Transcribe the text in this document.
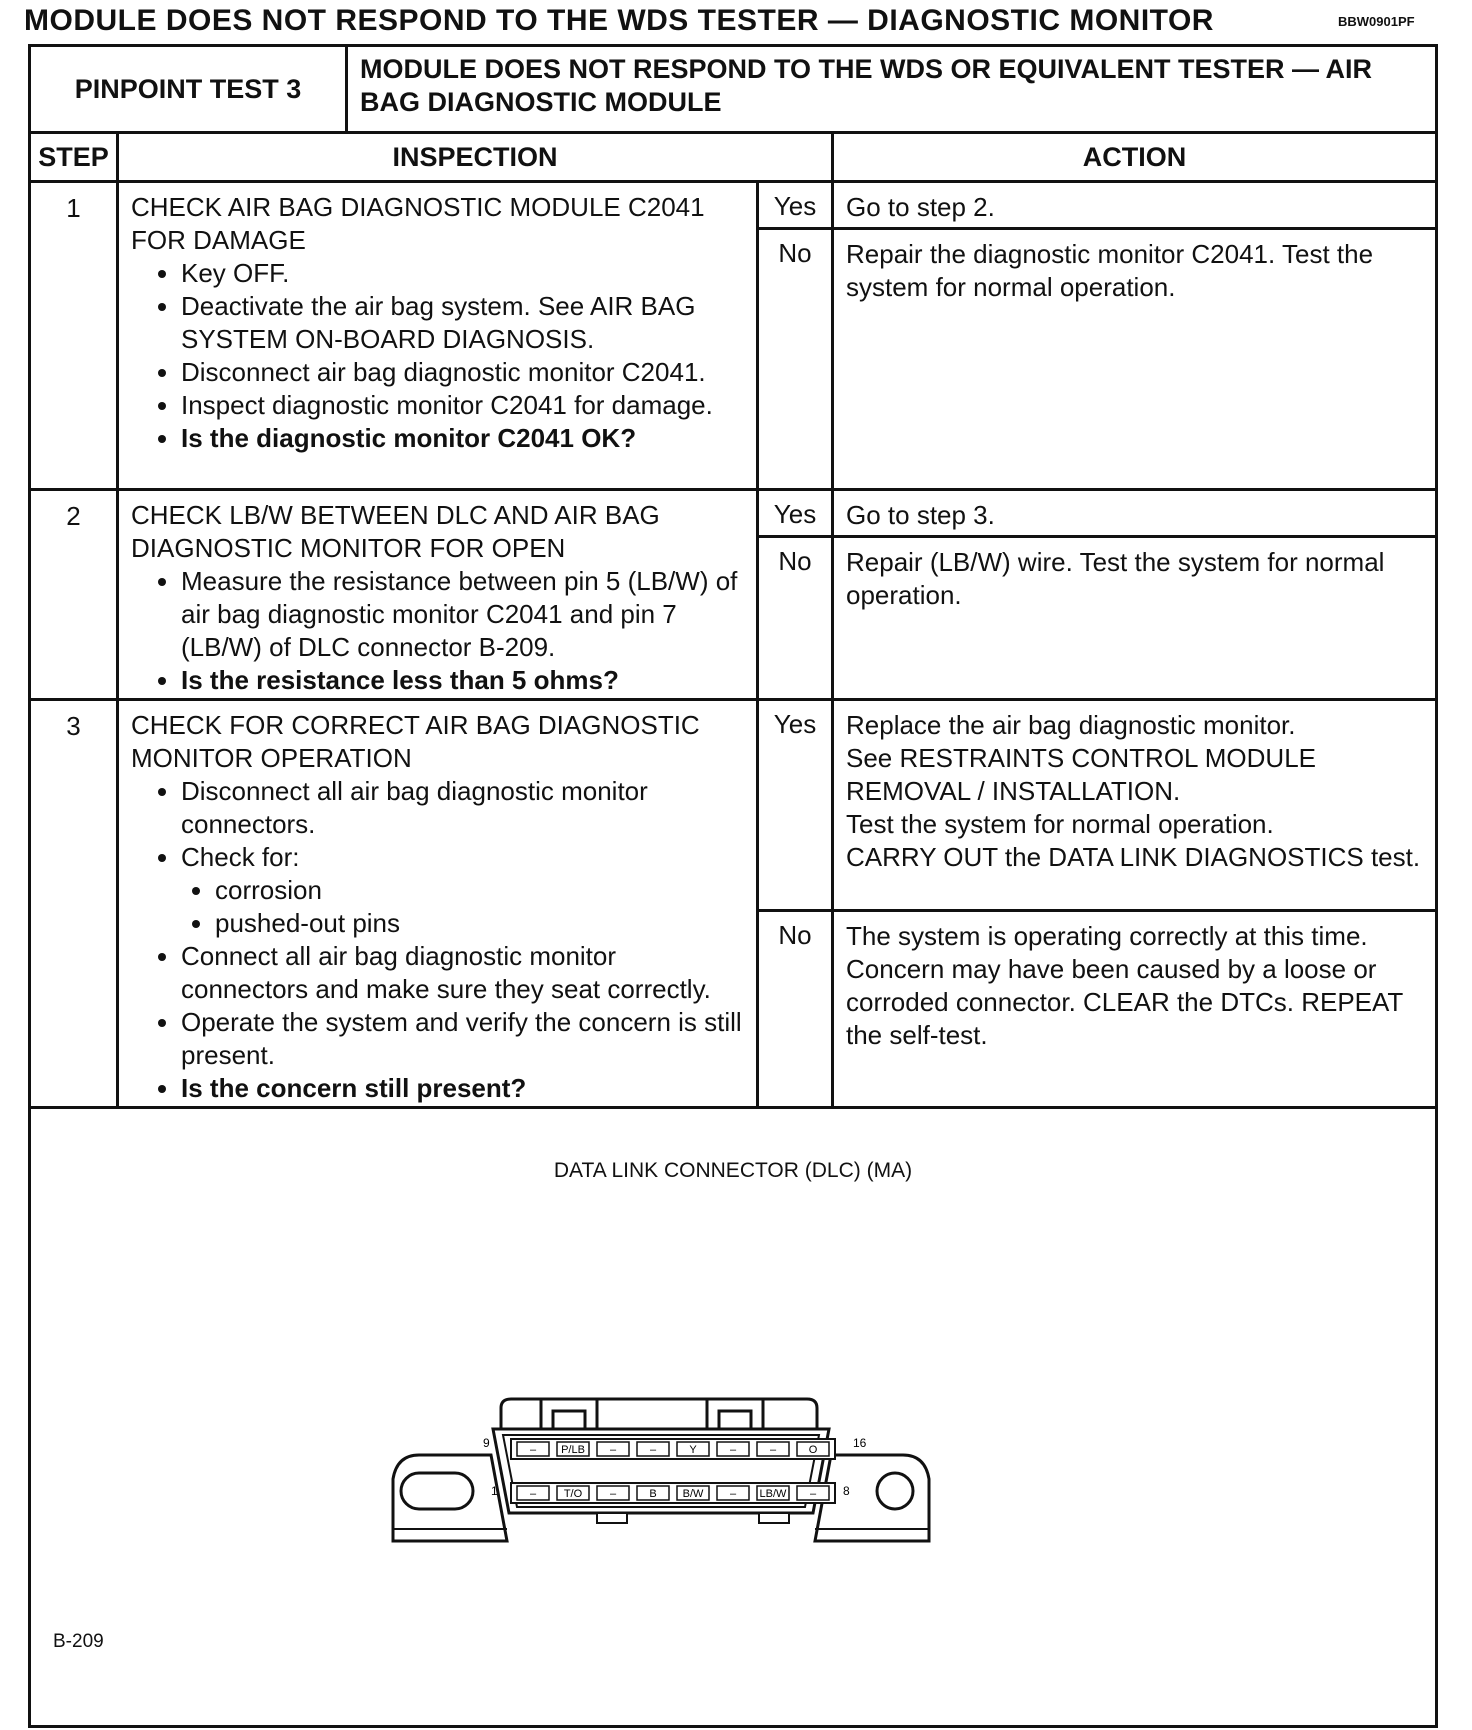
MODULE DOES NOT RESPOND TO THE WDS TESTER — DIAGNOSTIC MONITOR	BBW0901PF
PINPOINT TEST 3
MODULE DOES NOT RESPOND TO THE WDS OR EQUIVALENT TESTER — AIR BAG DIAGNOSTIC MODULE
STEP	INSPECTION	ACTION
1	CHECK AIR BAG DIAGNOSTIC MODULE C2041 FOR DAMAGE
• Key OFF.
• Deactivate the air bag system. See AIR BAG SYSTEM ON-BOARD DIAGNOSIS.
• Disconnect air bag diagnostic monitor C2041.
• Inspect diagnostic monitor C2041 for damage.
• Is the diagnostic monitor C2041 OK?
Yes	Go to step 2.
No	Repair the diagnostic monitor C2041. Test the system for normal operation.
2	CHECK LB/W BETWEEN DLC AND AIR BAG DIAGNOSTIC MONITOR FOR OPEN
• Measure the resistance between pin 5 (LB/W) of air bag diagnostic monitor C2041 and pin 7 (LB/W) of DLC connector B-209.
• Is the resistance less than 5 ohms?
Yes	Go to step 3.
No	Repair (LB/W) wire. Test the system for normal operation.
3	CHECK FOR CORRECT AIR BAG DIAGNOSTIC MONITOR OPERATION
• Disconnect all air bag diagnostic monitor connectors.
• Check for:
• corrosion
• pushed-out pins
• Connect all air bag diagnostic monitor connectors and make sure they seat correctly.
• Operate the system and verify the concern is still present.
• Is the concern still present?
Yes	Replace the air bag diagnostic monitor.
See RESTRAINTS CONTROL MODULE REMOVAL / INSTALLATION.
Test the system for normal operation.
CARRY OUT the DATA LINK DIAGNOSTICS test.
No	The system is operating correctly at this time. Concern may have been caused by a loose or corroded connector. CLEAR the DTCs. REPEAT the self-test.
DATA LINK CONNECTOR (DLC) (MA)
– P/LB –	–	Y	–	–	O
–	T/O	–	B B/W – LB/W –
9	16
1	8
B-209
